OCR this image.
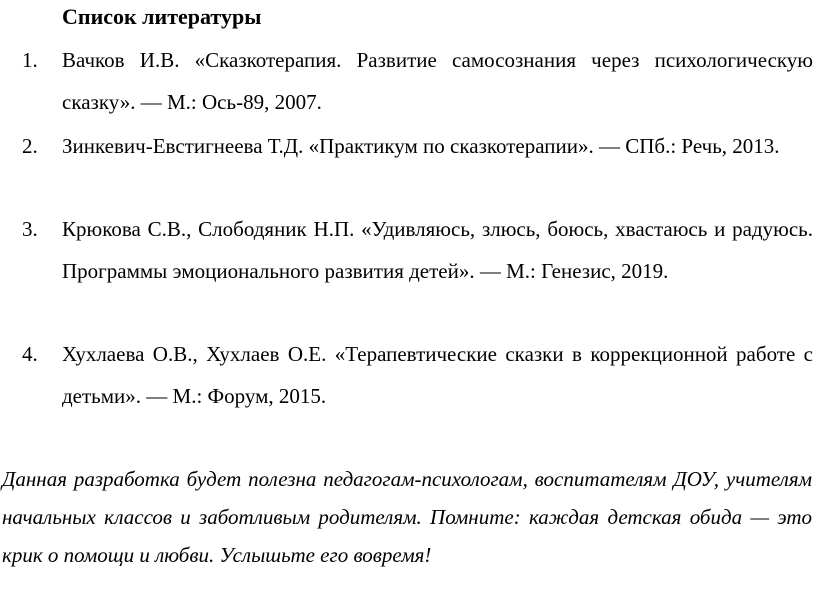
Список литературы
1.	Вачков И.В. «Сказкотерапия. Развитие самосознания через психологическую сказку». — М.: Ось-89, 2007.
2.	Зинкевич-Евстигнеева Т.Д. «Практикум по сказкотерапии». — СПб.: Речь, 2013.
3.	Крюкова С.В., Слободяник Н.П. «Удивляюсь, злюсь, боюсь, хвастаюсь и радуюсь. Программы эмоционального развития детей». — М.: Генезис, 2019.
4.	Хухлаева О.В., Хухлаев О.Е. «Терапевтические сказки в коррекционной работе с детьми». — М.: Форум, 2015.
Данная разработка будет полезна педагогам-психологам, воспитателям ДОУ, учителям начальных классов и заботливым родителям. Помните: каждая детская обида — это крик о помощи и любви. Услышьте его вовремя!
